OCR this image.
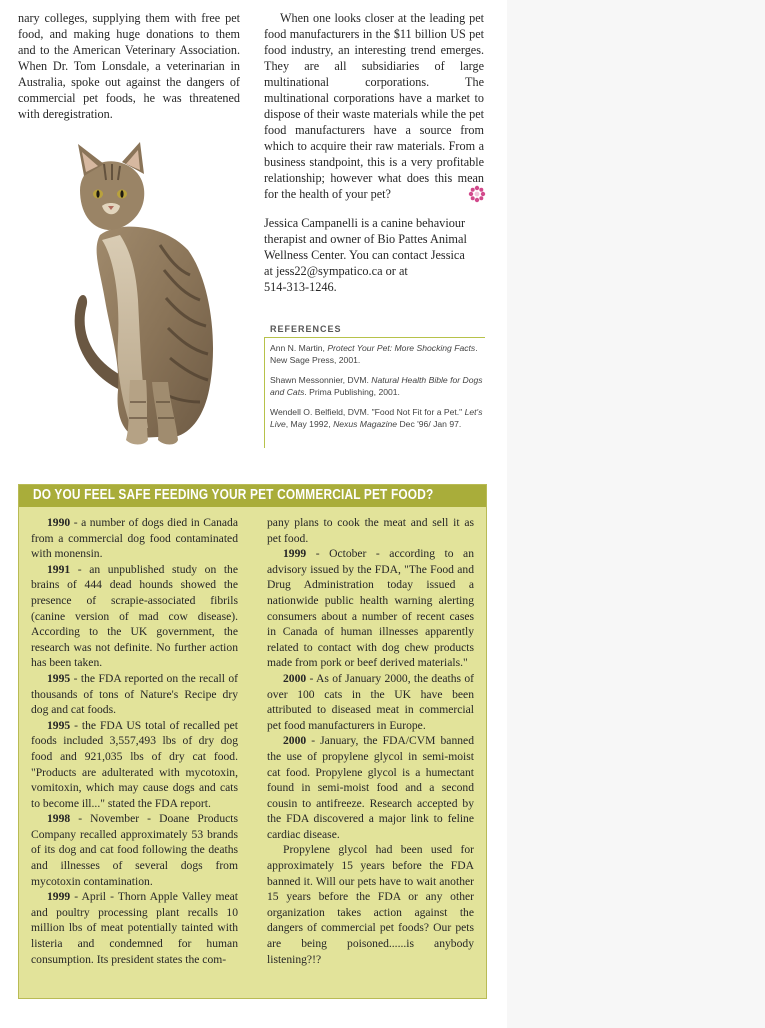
nary colleges, supplying them with free pet food, and making huge donations to them and to the American Veterinary Association. When Dr. Tom Lonsdale, a veterinarian in Australia, spoke out against the dangers of commercial pet foods, he was threatened with deregistration.

When one looks closer at the leading pet food manufacturers in the $11 billion US pet food industry, an interesting trend emerges. They are all subsidiaries of large multinational corporations. The multinational corporations have a market to dispose of their waste materials while the pet food manufacturers have a source from which to acquire their raw materials. From a business standpoint, this is a very profitable relationship; however what does this mean for the health of your pet?

Jessica Campanelli is a canine behaviour

therapist and owner of Bio Pattes Animal

Wellness Center. You can contact Jessica

at jess22@sympatico.ca or at

514-313-1246.

REFERENCES
Ann N. Martin, Protect Your Pet: More Shocking Facts. New Sage Press, 2001.
Shawn Messonnier, DVM. Natural Health Bible for Dogs and Cats. Prima Publishing, 2001.
Wendell O. Belfield, DVM. "Food Not Fit for a Pet." Let's Live, May 1992, Nexus Magazine Dec '96/ Jan 97.
DO YOU FEEL SAFE FEEDING YOUR PET COMMERCIAL PET FOOD?

1990 - a number of dogs died in Canada from a commercial dog food contaminated with monensin.

1991 - an unpublished study on the brains of 444 dead hounds showed the presence of scrapie-associated fibrils (canine version of mad cow disease). According to the UK government, the research was not definite. No further action has been taken.

1995 - the FDA reported on the recall of thousands of tons of Nature's Recipe dry dog and cat foods.

1995 - the FDA US total of recalled pet foods included 3,557,493 lbs of dry dog food and 921,035 lbs of dry cat food. "Products are adulterated with mycotoxin, vomitoxin, which may cause dogs and cats to become ill..." stated the FDA report.

1998 - November - Doane Products Company recalled approximately 53 brands of its dog and cat food following the deaths and illnesses of several dogs from mycotoxin contamination.

1999 - April - Thorn Apple Valley meat and poultry processing plant recalls 10 million lbs of meat potentially tainted with listeria and condemned for human consumption. Its president states the com-

pany plans to cook the meat and sell it as pet food.

1999 - October - according to an advisory issued by the FDA, "The Food and Drug Administration today issued a nationwide public health warning alerting consumers about a number of recent cases in Canada of human illnesses apparently related to contact with dog chew products made from pork or beef derived materials."

2000 - As of January 2000, the deaths of over 100 cats in the UK have been attributed to diseased meat in commercial pet food manufacturers in Europe.

2000 - January, the FDA/CVM banned the use of propylene glycol in semi-moist cat food. Propylene glycol is a humectant found in semi-moist food and a second cousin to antifreeze. Research accepted by the FDA discovered a major link to feline cardiac disease.

Propylene glycol had been used for approximately 15 years before the FDA banned it. Will our pets have to wait another 15 years before the FDA or any other organization takes action against the dangers of commercial pet foods? Our pets are being poisoned......is anybody listening?!?
